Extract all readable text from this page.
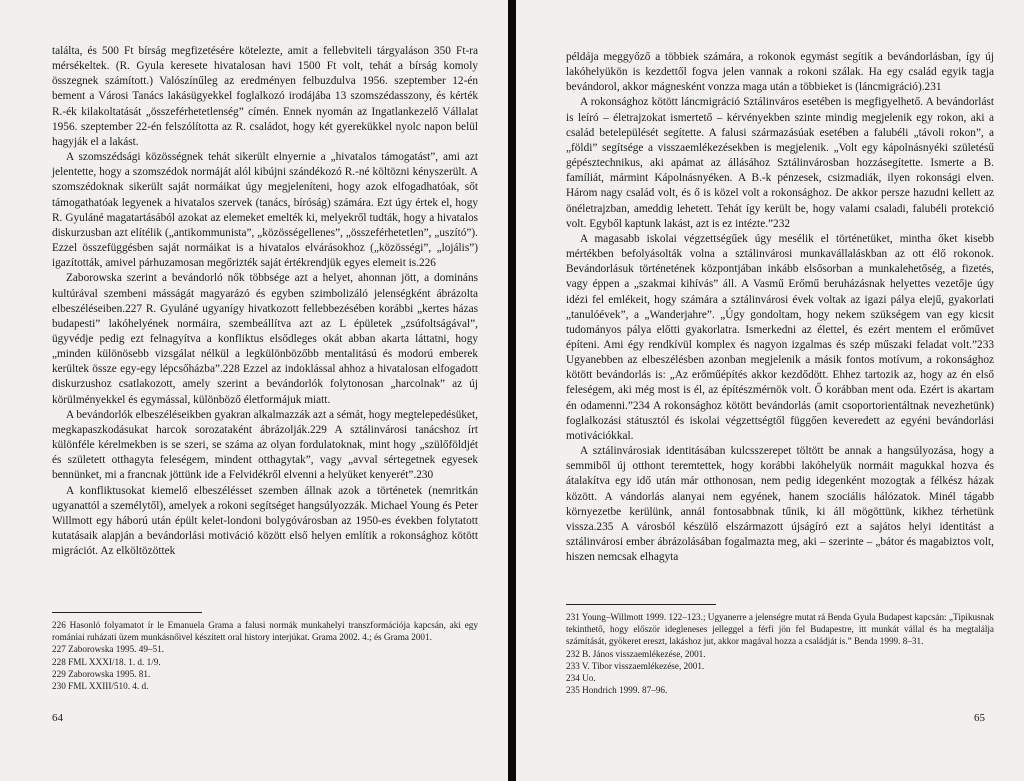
találta, és 500 Ft bírság megfizetésére kötelezte, amit a fellebviteli tárgyaláson 350 Ft-ra mérsékeltek. (R. Gyula keresete hivatalosan havi 1500 Ft volt, tehát a bírság komoly összegnek számított.) Valószínűleg az eredményen felbuzdulva 1956. szeptember 12-én bement a Városi Tanács lakásügyekkel foglalkozó irodájába 13 szomszédasszony, és kérték R.-ék kilakoltatását „összeférhetetlenség” címén. Ennek nyomán az Ingatlankezelő Vállalat 1956. szeptember 22-én felszólította az R. családot, hogy két gyerekükkel nyolc napon belül hagyják el a lakást.

A szomszédsági közösségnek tehát sikerült elnyernie a „hivatalos támogatást”, ami azt jelentette, hogy a szomszédok normáját alól kibújni szándékozó R.-né költözni kényszerült. A szomszédoknak sikerült saját normáikat úgy megjeleníteni, hogy azok elfogadhatóak, sőt támogathatóak legyenek a hivatalos szervek (tanács, bíróság) számára. Ezt úgy értek el, hogy R. Gyuláné magatartásából azokat az elemeket emelték ki, melyekről tudták, hogy a hivatalos diskurzusban azt elítélik („antikommunista”, „közösségellenes”, „összeférhetetlen”, „uszító”). Ezzel összefüggésben saját normáikat is a hivatalos elvárásokhoz („közösségi”, „lojális”) igazították, amivel párhuzamosan megőrizték saját értékrendjük egyes elemeit is.226

Zaborowska szerint a bevándorló nők többsége azt a helyet, ahonnan jött, a domináns kultúrával szembeni másságát magyarázó és egyben szimbolizáló jelenségként ábrázolta elbeszéléseiben.227 R. Gyuláné ugyanígy hivatkozott fellebbezésében korábbi „kertes házas budapesti” lakóhelyének normáira, szembeállítva azt az L épületek „zsúfoltságával”, ügyvédje pedig ezt felnagyítva a konfliktus elsődleges okát abban akarta láttatni, hogy „minden különösebb vizsgálat nélkül a legkülönbözőbb mentalitású és modorú emberek kerültek össze egy-egy lépcsőházba”.228 Ezzel az indoklással ahhoz a hivatalosan elfogadott diskurzushoz csatlakozott, amely szerint a bevándorlók folytonosan „harcolnak” az új körülményekkel és egymással, különböző életformájuk miatt.

A bevándorlók elbeszéléseikben gyakran alkalmazzák azt a sémát, hogy megtelepedésüket, megkapaszkodásukat harcok sorozataként ábrázolják.229 A sztálinvárosi tanácshoz írt különféle kérelmekben is se szeri, se száma az olyan fordulatoknak, mint hogy „szülőföldjét és született otthagyta feleségem, mindent otthagytak”, vagy „avval sértegetnek egyesek bennünket, mi a francnak jöttünk ide a Felvidékről elvenni a helyüket kenyerét”.230

A konfliktusokat kiemelő elbeszélésset szemben állnak azok a történetek (nemritkán ugyanattól a személytől), amelyek a rokoni segítséget hangsúlyozzák. Michael Young és Peter Willmott egy háború után épült kelet-londoni bolygóvárosban az 1950-es években folytatott kutatásaik alapján a bevándorlási motiváció között első helyen említik a rokonsághoz kötött migrációt. Az elköltözöttek

226 Hasonló folyamatot ír le Emanuela Grama a falusi normák munkahelyi transzformációja kapcsán, aki egy romániai ruházati üzem munkásnőivel készített oral history interjúkat. Grama 2002. 4.; és Grama 2001.

227 Zaborowska 1995. 49–51.

228 FML XXXI/18. 1. d. 1/9.

229 Zaborowska 1995. 81.

230 FML XXIII/510. 4. d.

64

példája meggyőző a többiek számára, a rokonok egymást segítik a bevándorlásban, így új lakóhelyükön is kezdettől fogva jelen vannak a rokoni szálak. Ha egy család egyik tagja bevándorol, akkor mágnesként vonzza maga után a többieket is (láncmigráció).231

A rokonsághoz kötött láncmigráció Sztálinváros esetében is megfigyelhető. A bevándorlást is leíró – életrajzokat ismertető – kérvényekben szinte mindig megjelenik egy rokon, aki a család betelepülését segítette. A falusi származásúak esetében a falubéli „távoli rokon”, a „földi” segítsége a visszaemlékezésekben is megjelenik. „Volt egy kápolnásnyéki születésű gépésztechnikus, aki apámat az állásához Sztálinvárosban hozzásegítette. Ismerte a B. famíliát, mármint Kápolnásnyéken. A B.-k pénzesek, csizmadiák, ilyen rokonsági elven. Három nagy család volt, és ő is közel volt a rokonsághoz. De akkor persze hazudni kellett az önéletrajzban, ameddig lehetett. Tehát így került be, hogy valami csaladi, falubéli protekció volt. Egyből kaptunk lakást, azt is ez intézte.”232

A magasabb iskolai végzettségűek úgy mesélik el történetüket, mintha őket kisebb mértékben befolyásolták volna a sztálinvárosi munkavállaláskban az ott élő rokonok. Bevándorlásuk történetének központjában inkább elsősorban a munkalehetőség, a fizetés, vagy éppen a „szakmai kihívás” áll. A Vasmű Erőmű beruházásnak helyettes vezetője úgy idézi fel emlékeit, hogy számára a sztálinvárosi évek voltak az igazi pálya elejű, gyakorlati „tanulóévek”, a „Wanderjahre”. „Úgy gondoltam, hogy nekem szükségem van egy kicsit tudományos pálya előtti gyakorlatra. Ismerkedni az élettel, és ezért mentem el erőművet építeni. Ami égy rendkívül komplex és nagyon izgalmas és szép műszaki feladat volt.”233 Ugyanebben az elbeszélésben azonban megjelenik a másik fontos motívum, a rokonsághoz kötött bevándorlás is: „Az erőműépítés akkor kezdődött. Ehhez tartozik az, hogy az én első feleségem, aki még most is él, az építészmérnök volt. Ő korábban ment oda. Ezért is akartam én odamenni.”234 A rokonsághoz kötött bevándorlás (amit csoportorientáltnak nevezhetünk) foglalkozási státusztól és iskolai végzettségtől függően keveredett az egyéni bevándorlási motivációkkal.

A sztálinvárosiak identitásában kulcsszerepet töltött be annak a hangsúlyozása, hogy a semmiből új otthont teremtettek, hogy korábbi lakóhelyük normáit magukkal hozva és átalakítva egy idő után már otthonosan, nem pedig idegenként mozogtak a félkész házak között. A vándorlás alanyai nem egyének, hanem szociális hálózatok. Minél tágabb környezetbe kerülünk, annál fontosabbnak tűnik, ki áll mögöttünk, kikhez térhetünk vissza.235 A városból készülő elszármazott újságíró ezt a sajátos helyi identitást a sztálinvárosi ember ábrázolásában fogalmazta meg, aki – szerinte – „bátor és magabiztos volt, hiszen nemcsak elhagyta

231 Young–Willmott 1999. 122–123.; Ugyanerre a jelenségre mutat rá Benda Gyula Budapest kapcsán: „Tipikusnak tekinthető, hogy először idegleneses jelleggel a férfi jön fel Budapestre, itt munkát vállal és ha megtalálja számítását, gyökeret ereszt, lakáshoz jut, akkor magával hozza a családját is.” Benda 1999. 8–31.

232 B. János visszaemlékezése, 2001.

233 V. Tibor visszaemlékezése, 2001.

234 Uo.

235 Hondrich 1999. 87–96.

65
